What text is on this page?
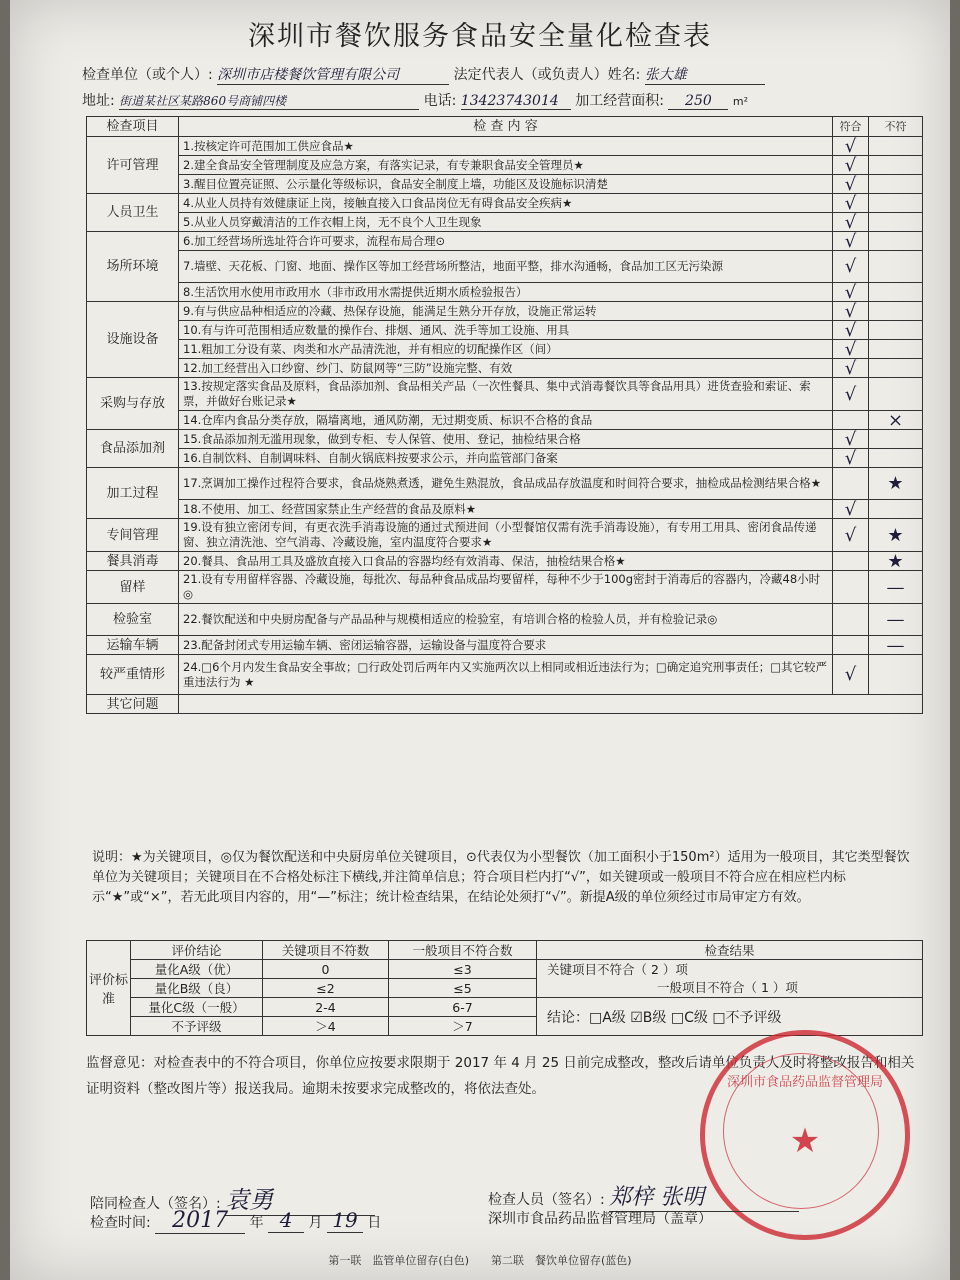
深圳市餐饮服务食品安全量化检查表
检查单位（或个人）: 深圳市店楼餐饮管理有限公司	法定代表人（或负责人）姓名: 张大雄
地址: 街道某社区某路860号商铺四楼	电话: 13423743014 加工经营面积: 250 m²
检查项目	检 查 内 容	符合	不符
许可管理	1.按核定许可范围加工供应食品★	√	
	2.建全食品安全管理制度及应急方案，有落实记录，有专兼职食品安全管理员★	√	
	3.醒目位置亮证照、公示量化等级标识，食品安全制度上墙，功能区及设施标识清楚	√	
人员卫生	4.从业人员持有效健康证上岗，接触直接入口食品岗位无有碍食品安全疾病★	√	
	5.从业人员穿戴清洁的工作衣帽上岗，无不良个人卫生现象	√	
场所环境	6.加工经营场所选址符合许可要求，流程布局合理⊙	√	
	7.墙壁、天花板、门窗、地面、操作区等加工经营场所整洁，地面平整，排水沟通畅，食品加工区无污染源	√	
	8.生活饮用水使用市政用水（非市政用水需提供近期水质检验报告）	√	
设施设备	9.有与供应品种相适应的冷藏、热保存设施，能满足生熟分开存放，设施正常运转	√	
	10.有与许可范围相适应数量的操作台、排烟、通风、洗手等加工设施、用具	√	
	11.粗加工分设有菜、肉类和水产品清洗池，并有相应的切配操作区（间）	√	
	12.加工经营出入口纱窗、纱门、防鼠网等“三防”设施完整、有效	√	
采购与存放	13.按规定落实食品及原料，食品添加剂、食品相关产品（一次性餐具、集中式消毒餐饮具等食品用具）进货查验和索证、索票，并做好台账记录★	√	
	14.仓库内食品分类存放，隔墙离地，通风防潮，无过期变质、标识不合格的食品		×
食品添加剂	15.食品添加剂无滥用现象，做到专柜、专人保管、使用、登记，抽检结果合格	√	
	16.自制饮料、自制调味料、自制火锅底料按要求公示，并向监管部门备案	√	
加工过程	17.烹调加工操作过程符合要求，食品烧熟煮透，避免生熟混放，食品成品存放温度和时间符合要求，抽检成品检测结果合格★		★
	18.不使用、加工、经营国家禁止生产经营的食品及原料★	√	
专间管理	19.设有独立密闭专间，有更衣洗手消毒设施的通过式预进间（小型餐馆仅需有洗手消毒设施），有专用工用具、密闭食品传递窗、独立清洗池、空气消毒、冷藏设施，室内温度符合要求★	√	★
餐具消毒	20.餐具、食品用工具及盛放直接入口食品的容器均经有效消毒、保洁，抽检结果合格★		★
留样	21.设有专用留样容器、冷藏设施，每批次、每品种食品成品均要留样，每种不少于100g密封于消毒后的容器内，冷藏48小时◎		—
检验室	22.餐饮配送和中央厨房配备与产品品种与规模相适应的检验室，有培训合格的检验人员，并有检验记录◎		—
运输车辆	23.配备封闭式专用运输车辆、密闭运输容器，运输设备与温度符合要求		—
较严重情形	24.□6个月内发生食品安全事故；□行政处罚后两年内又实施两次以上相同或相近违法行为；□确定追究刑事责任；□其它较严重违法行为 ★	√	
其它问题			
说明：★为关键项目，◎仅为餐饮配送和中央厨房单位关键项目，⊙代表仅为小型餐饮（加工面积小于150m²）适用为一般项目，其它类型餐饮单位为关键项目；关键项目在不合格处标注下横线,并注简单信息；符合项目栏内打“√”，如关键项或一般项目不符合应在相应栏内标示“★”或“×”，若无此项目内容的，用“—”标注；统计检查结果，在结论处须打“√”。新提A级的单位须经过市局审定方有效。
评价标准	评价结论	关键项目不符数	一般项目不符合数	检查结果
	量化A级（优）	0	≤3	关键项目不符合（ 2 ）项
一般项目不符合（ 1 ）项

	量化B级（良）	≤2	≤5	
	量化C级（一般）	2-4	6-7	结论：□A级 ☑B级 □C级 □不予评级
	不予评级	＞4	＞7	
监督意见：对检查表中的不符合项目，你单位应按要求限期于 2017 年 4 月 25 日前完成整改，整改后请单位负责人及时将整改报告和相关证明资料（整改图片等）报送我局。逾期未按要求完成整改的，将依法查处。	深圳市食品药品监督管理局
★
陪同检查人（签名）: 袁勇
检查时间: 2017 年 4 月 19 日
检查人员（签名）: 郑梓 张明
深圳市食品药品监督管理局（盖章）
第一联　监管单位留存(白色)　　第二联　餐饮单位留存(蓝色)
